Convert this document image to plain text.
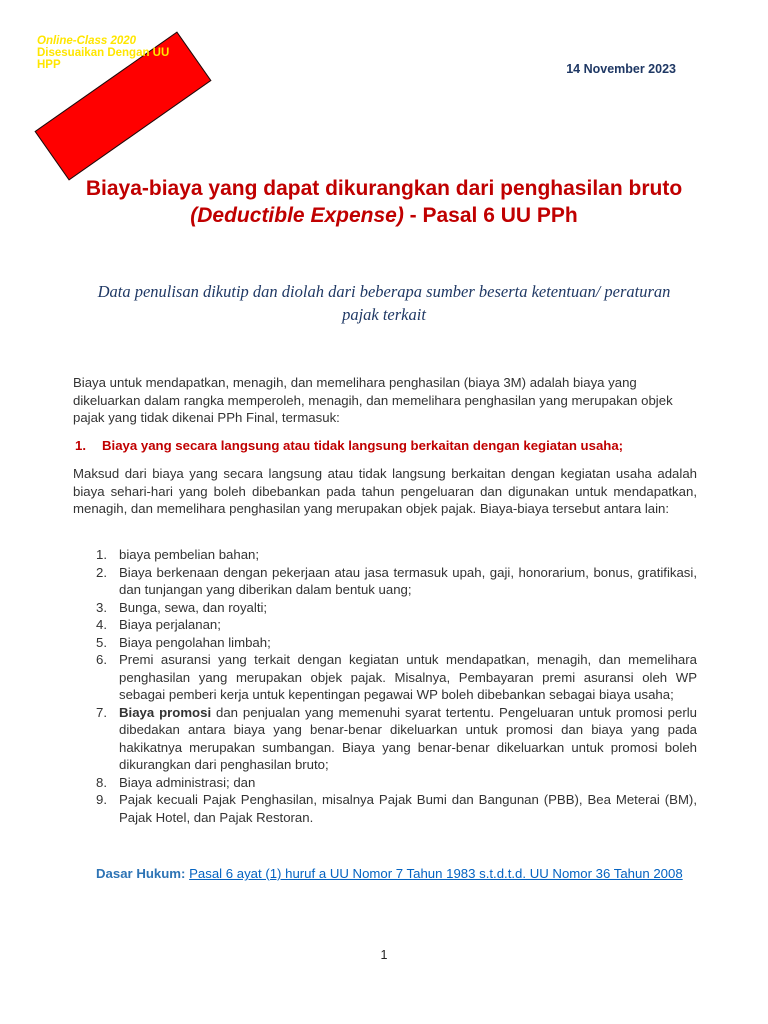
Online-Class 2020
Disesuaikan Dengan UU
HPP	14 November 2023
Biaya-biaya yang dapat dikurangkan dari penghasilan bruto (Deductible Expense) - Pasal 6 UU PPh
Data penulisan dikutip dan diolah dari beberapa sumber beserta ketentuan/ peraturan pajak terkait
Biaya untuk mendapatkan, menagih, dan memelihara penghasilan (biaya 3M) adalah biaya yang dikeluarkan dalam rangka memperoleh, menagih, dan memelihara penghasilan yang merupakan objek pajak yang tidak dikenai PPh Final, termasuk:
1. Biaya yang secara langsung atau tidak langsung berkaitan dengan kegiatan usaha;
Maksud dari biaya yang secara langsung atau tidak langsung berkaitan dengan kegiatan usaha adalah biaya sehari-hari yang boleh dibebankan pada tahun pengeluaran dan digunakan untuk mendapatkan, menagih, dan memelihara penghasilan yang merupakan objek pajak. Biaya-biaya tersebut antara lain:
1. biaya pembelian bahan;
2. Biaya berkenaan dengan pekerjaan atau jasa termasuk upah, gaji, honorarium, bonus, gratifikasi, dan tunjangan yang diberikan dalam bentuk uang;
3. Bunga, sewa, dan royalti;
4. Biaya perjalanan;
5. Biaya pengolahan limbah;
6. Premi asuransi yang terkait dengan kegiatan untuk mendapatkan, menagih, dan memelihara penghasilan yang merupakan objek pajak. Misalnya, Pembayaran premi asuransi oleh WP sebagai pemberi kerja untuk kepentingan pegawai WP boleh dibebankan sebagai biaya usaha;
7. Biaya promosi dan penjualan yang memenuhi syarat tertentu. Pengeluaran untuk promosi perlu dibedakan antara biaya yang benar-benar dikeluarkan untuk promosi dan biaya yang pada hakikatnya merupakan sumbangan. Biaya yang benar-benar dikeluarkan untuk promosi boleh dikurangkan dari penghasilan bruto;
8. Biaya administrasi; dan
9. Pajak kecuali Pajak Penghasilan, misalnya Pajak Bumi dan Bangunan (PBB), Bea Meterai (BM), Pajak Hotel, dan Pajak Restoran.
Dasar Hukum: Pasal 6 ayat (1) huruf a UU Nomor 7 Tahun 1983 s.t.d.t.d. UU Nomor 36 Tahun 2008
1
